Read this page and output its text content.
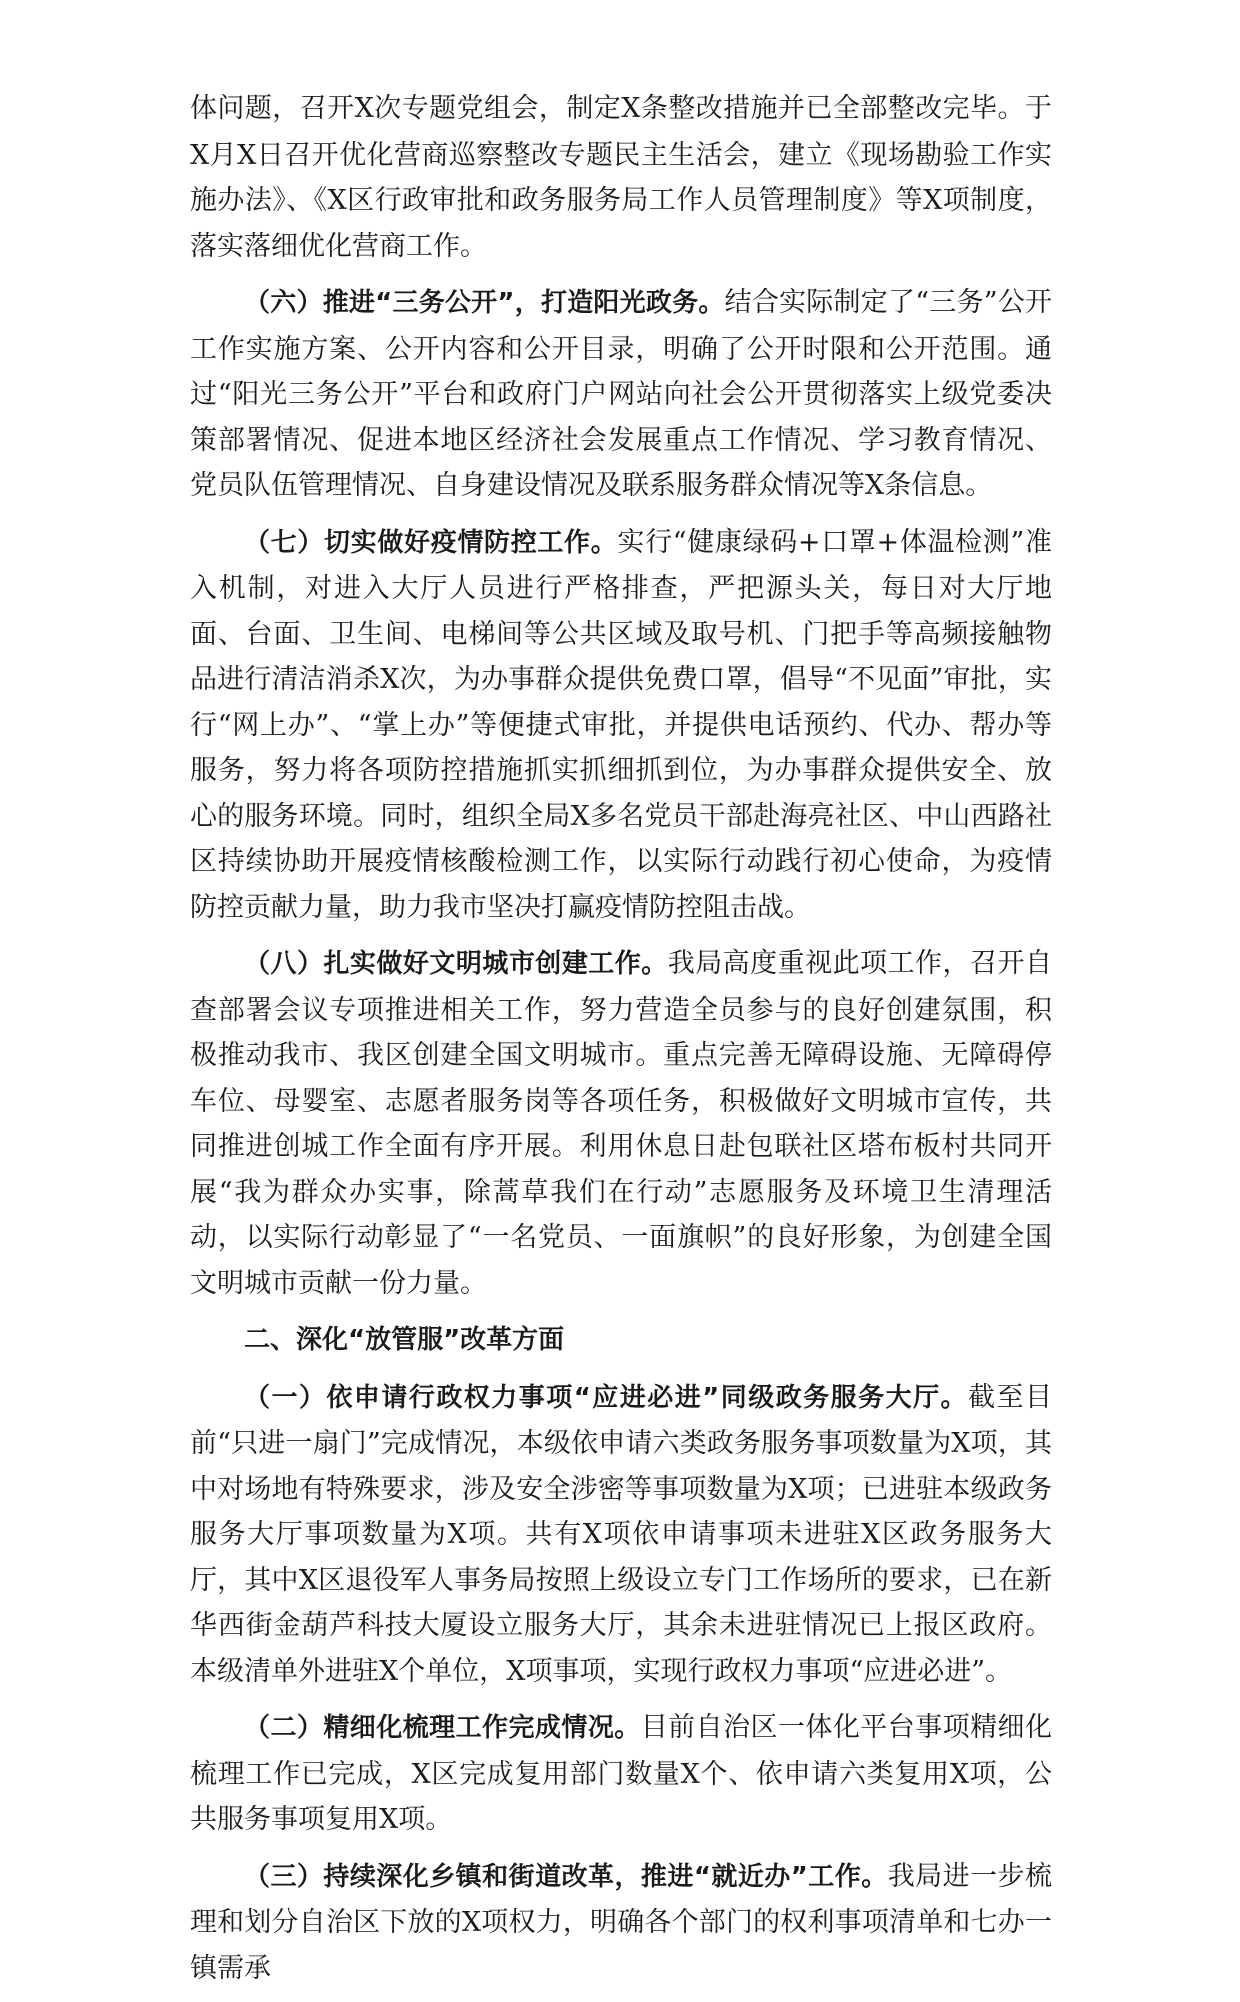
体问题，召开X次专题党组会，制定X条整改措施并已全部整改完毕。于X月X日召开优化营商巡察整改专题民主生活会，建立《现场勘验工作实施办法》、《X区行政审批和政务服务局工作人员管理制度》等X项制度，落实落细优化营商工作。

（六）推进“三务公开”，打造阳光政务。结合实际制定了“三务”公开工作实施方案、公开内容和公开目录，明确了公开时限和公开范围。通过“阳光三务公开”平台和政府门户网站向社会公开贯彻落实上级党委决策部署情况、促进本地区经济社会发展重点工作情况、学习教育情况、党员队伍管理情况、自身建设情况及联系服务群众情况等X条信息。

（七）切实做好疫情防控工作。实行“健康绿码+口罩+体温检测”准入机制，对进入大厅人员进行严格排查，严把源头关，每日对大厅地面、台面、卫生间、电梯间等公共区域及取号机、门把手等高频接触物品进行清洁消杀X次，为办事群众提供免费口罩，倡导“不见面”审批，实行“网上办”、“掌上办”等便捷式审批，并提供电话预约、代办、帮办等服务，努力将各项防控措施抓实抓细抓到位，为办事群众提供安全、放心的服务环境。同时，组织全局X多名党员干部赴海亮社区、中山西路社区持续协助开展疫情核酸检测工作，以实际行动践行初心使命，为疫情防控贡献力量，助力我市坚决打赢疫情防控阻击战。

（八）扎实做好文明城市创建工作。我局高度重视此项工作，召开自查部署会议专项推进相关工作，努力营造全员参与的良好创建氛围，积极推动我市、我区创建全国文明城市。重点完善无障碍设施、无障碍停车位、母婴室、志愿者服务岗等各项任务，积极做好文明城市宣传，共同推进创城工作全面有序开展。利用休息日赴包联社区塔布板村共同开展“我为群众办实事，除蒿草我们在行动”志愿服务及环境卫生清理活动，以实际行动彰显了“一名党员、一面旗帜”的良好形象，为创建全国文明城市贡献一份力量。

二、深化“放管服”改革方面

（一）依申请行政权力事项“应进必进”同级政务服务大厅。截至目前“只进一扇门”完成情况，本级依申请六类政务服务事项数量为X项，其中对场地有特殊要求，涉及安全涉密等事项数量为X项；已进驻本级政务服务大厅事项数量为X项。共有X项依申请事项未进驻X区政务服务大厅，其中X区退役军人事务局按照上级设立专门工作场所的要求，已在新华西街金葫芦科技大厦设立服务大厅，其余未进驻情况已上报区政府。本级清单外进驻X个单位，X项事项，实现行政权力事项“应进必进”。

（二）精细化梳理工作完成情况。目前自治区一体化平台事项精细化梳理工作已完成，X区完成复用部门数量X个、依申请六类复用X项，公共服务事项复用X项。

（三）持续深化乡镇和街道改革，推进“就近办”工作。我局进一步梳理和划分自治区下放的X项权力，明确各个部门的权利事项清单和七办一镇需承
